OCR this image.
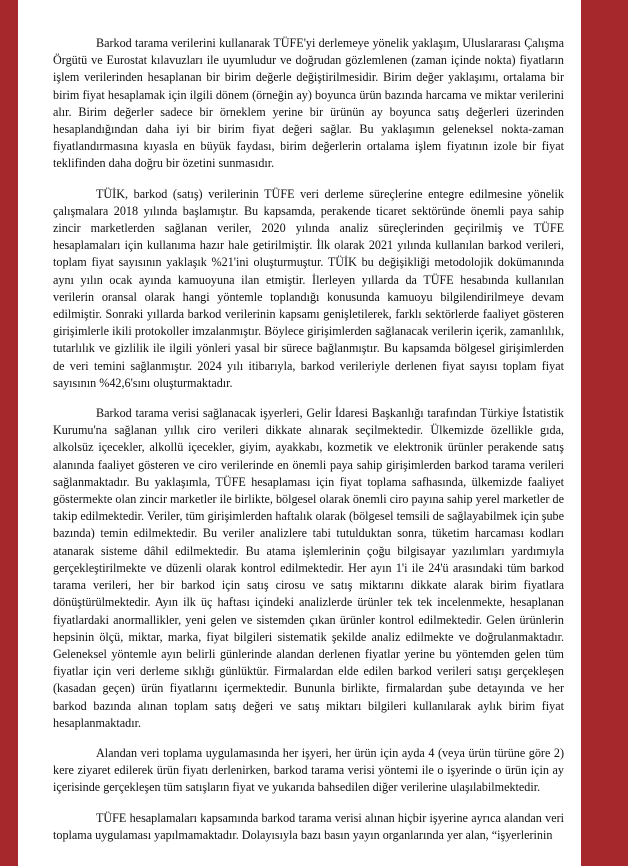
Barkod tarama verilerini kullanarak TÜFE'yi derlemeye yönelik yaklaşım, Uluslararası Çalışma Örgütü ve Eurostat kılavuzları ile uyumludur ve doğrudan gözlemlenen (zaman içinde nokta) fiyatların işlem verilerinden hesaplanan bir birim değerle değiştirilmesidir. Birim değer yaklaşımı, ortalama bir birim fiyat hesaplamak için ilgili dönem (örneğin ay) boyunca ürün bazında harcama ve miktar verilerini alır. Birim değerler sadece bir örneklem yerine bir ürünün ay boyunca satış değerleri üzerinden hesaplandığından daha iyi bir birim fiyat değeri sağlar. Bu yaklaşımın geleneksel nokta-zaman fiyatlandırmasına kıyasla en büyük faydası, birim değerlerin ortalama işlem fiyatının izole bir fiyat teklifinden daha doğru bir özetini sunmasıdır.

TÜİK, barkod (satış) verilerinin TÜFE veri derleme süreçlerine entegre edilmesine yönelik çalışmalara 2018 yılında başlamıştır. Bu kapsamda, perakende ticaret sektöründe önemli paya sahip zincir marketlerden sağlanan veriler, 2020 yılında analiz süreçlerinden geçirilmiş ve TÜFE hesaplamaları için kullanıma hazır hale getirilmiştir. İlk olarak 2021 yılında kullanılan barkod verileri, toplam fiyat sayısının yaklaşık %21'ini oluşturmuştur. TÜİK bu değişikliği metodolojik dokümanında aynı yılın ocak ayında kamuoyuna ilan etmiştir. İlerleyen yıllarda da TÜFE hesabında kullanılan verilerin oransal olarak hangi yöntemle toplandığı konusunda kamuoyu bilgilendirilmeye devam edilmiştir. Sonraki yıllarda barkod verilerinin kapsamı genişletilerek, farklı sektörlerde faaliyet gösteren girişimlerle ikili protokoller imzalanmıştır. Böylece girişimlerden sağlanacak verilerin içerik, zamanlılık, tutarlılık ve gizlilik ile ilgili yönleri yasal bir sürece bağlanmıştır. Bu kapsamda bölgesel girişimlerden de veri temini sağlanmıştır. 2024 yılı itibarıyla, barkod verileriyle derlenen fiyat sayısı toplam fiyat sayısının %42,6'sını oluşturmaktadır.

Barkod tarama verisi sağlanacak işyerleri, Gelir İdaresi Başkanlığı tarafından Türkiye İstatistik Kurumu'na sağlanan yıllık ciro verileri dikkate alınarak seçilmektedir. Ülkemizde özellikle gıda, alkolsüz içecekler, alkollü içecekler, giyim, ayakkabı, kozmetik ve elektronik ürünler perakende satış alanında faaliyet gösteren ve ciro verilerinde en önemli paya sahip girişimlerden barkod tarama verileri sağlanmaktadır. Bu yaklaşımla, TÜFE hesaplaması için fiyat toplama safhasında, ülkemizde faaliyet göstermekte olan zincir marketler ile birlikte, bölgesel olarak önemli ciro payına sahip yerel marketler de takip edilmektedir. Veriler, tüm girişimlerden haftalık olarak (bölgesel temsili de sağlayabilmek için şube bazında) temin edilmektedir. Bu veriler analizlere tabi tutulduktan sonra, tüketim harcaması kodları atanarak sisteme dâhil edilmektedir. Bu atama işlemlerinin çoğu bilgisayar yazılımları yardımıyla gerçekleştirilmekte ve düzenli olarak kontrol edilmektedir. Her ayın 1'i ile 24'ü arasındaki tüm barkod tarama verileri, her bir barkod için satış cirosu ve satış miktarını dikkate alarak birim fiyatlara dönüştürülmektedir. Ayın ilk üç haftası içindeki analizlerde ürünler tek tek incelenmekte, hesaplanan fiyatlardaki anormallikler, yeni gelen ve sistemden çıkan ürünler kontrol edilmektedir. Gelen ürünlerin hepsinin ölçü, miktar, marka, fiyat bilgileri sistematik şekilde analiz edilmekte ve doğrulanmaktadır. Geleneksel yöntemle ayın belirli günlerinde alandan derlenen fiyatlar yerine bu yöntemden gelen tüm fiyatlar için veri derleme sıklığı günlüktür. Firmalardan elde edilen barkod verileri satışı gerçekleşen (kasadan geçen) ürün fiyatlarını içermektedir. Bununla birlikte, firmalardan şube detayında ve her barkod bazında alınan toplam satış değeri ve satış miktarı bilgileri kullanılarak aylık birim fiyat hesaplanmaktadır.

Alandan veri toplama uygulamasında her işyeri, her ürün için ayda 4 (veya ürün türüne göre 2) kere ziyaret edilerek ürün fiyatı derlenirken, barkod tarama verisi yöntemi ile o işyerinde o ürün için ay içerisinde gerçekleşen tüm satışların fiyat ve yukarıda bahsedilen diğer verilerine ulaşılabilmektedir.

TÜFE hesaplamaları kapsamında barkod tarama verisi alınan hiçbir işyerine ayrıca alandan veri toplama uygulaması yapılmamaktadır. Dolayısıyla bazı basın yayın organlarında yer alan, “işyerlerinin
